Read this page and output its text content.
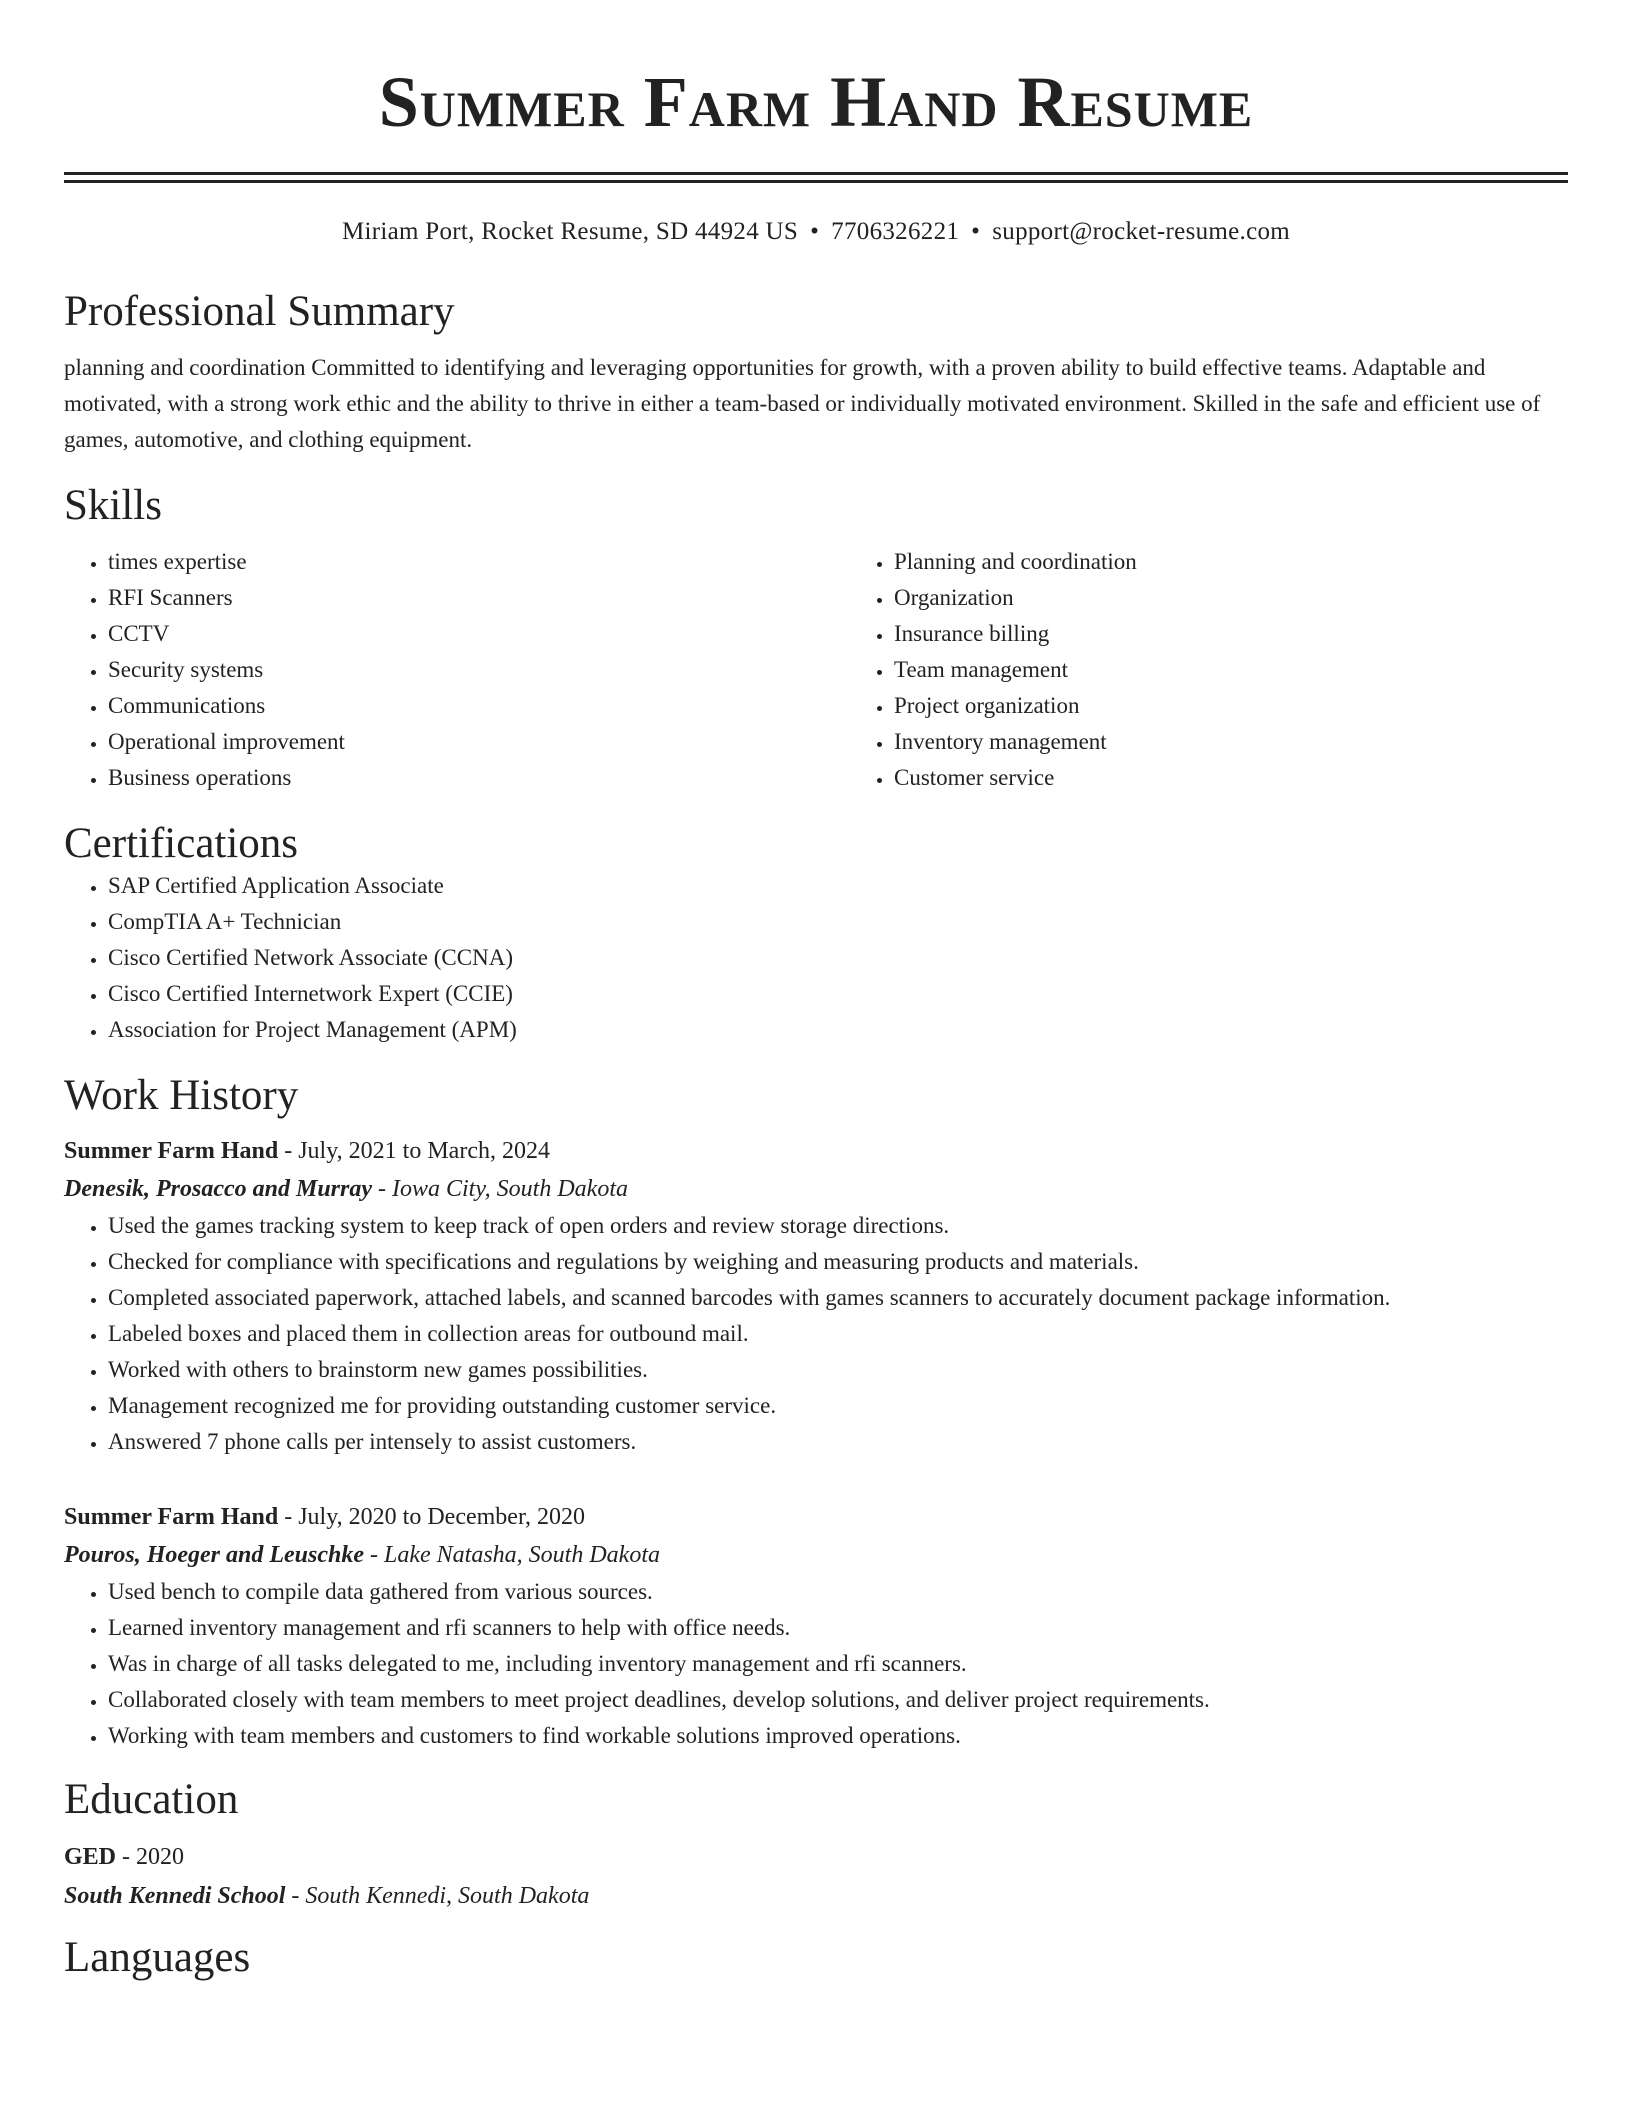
Summer Farm Hand Resume
Miriam Port, Rocket Resume, SD 44924 US • 7706326221 • support@rocket-resume.com
Professional Summary

planning and coordination Committed to identifying and leveraging opportunities for growth, with a proven ability to build effective teams. Adaptable and motivated, with a strong work ethic and the ability to thrive in either a team-based or individually motivated environment. Skilled in the safe and efficient use of games, automotive, and clothing equipment.

Skills
• times expertise
• RFI Scanners
• CCTV
• Security systems
• Communications
• Operational improvement
• Business operations
• Planning and coordination
• Organization
• Insurance billing
• Team management
• Project organization
• Inventory management
• Customer service
Certifications
• SAP Certified Application Associate
• CompTIA A+ Technician
• Cisco Certified Network Associate (CCNA)
• Cisco Certified Internetwork Expert (CCIE)
• Association for Project Management (APM)
Work History
Summer Farm Hand - July, 2021 to March, 2024
Denesik, Prosacco and Murray - Iowa City, South Dakota
• Used the games tracking system to keep track of open orders and review storage directions.
• Checked for compliance with specifications and regulations by weighing and measuring products and materials.
• Completed associated paperwork, attached labels, and scanned barcodes with games scanners to accurately document package information.
• Labeled boxes and placed them in collection areas for outbound mail.
• Worked with others to brainstorm new games possibilities.
• Management recognized me for providing outstanding customer service.
• Answered 7 phone calls per intensely to assist customers.
Summer Farm Hand - July, 2020 to December, 2020
Pouros, Hoeger and Leuschke - Lake Natasha, South Dakota
• Used bench to compile data gathered from various sources.
• Learned inventory management and rfi scanners to help with office needs.
• Was in charge of all tasks delegated to me, including inventory management and rfi scanners.
• Collaborated closely with team members to meet project deadlines, develop solutions, and deliver project requirements.
• Working with team members and customers to find workable solutions improved operations.
Education
GED - 2020
South Kennedi School - South Kennedi, South Dakota
Languages
